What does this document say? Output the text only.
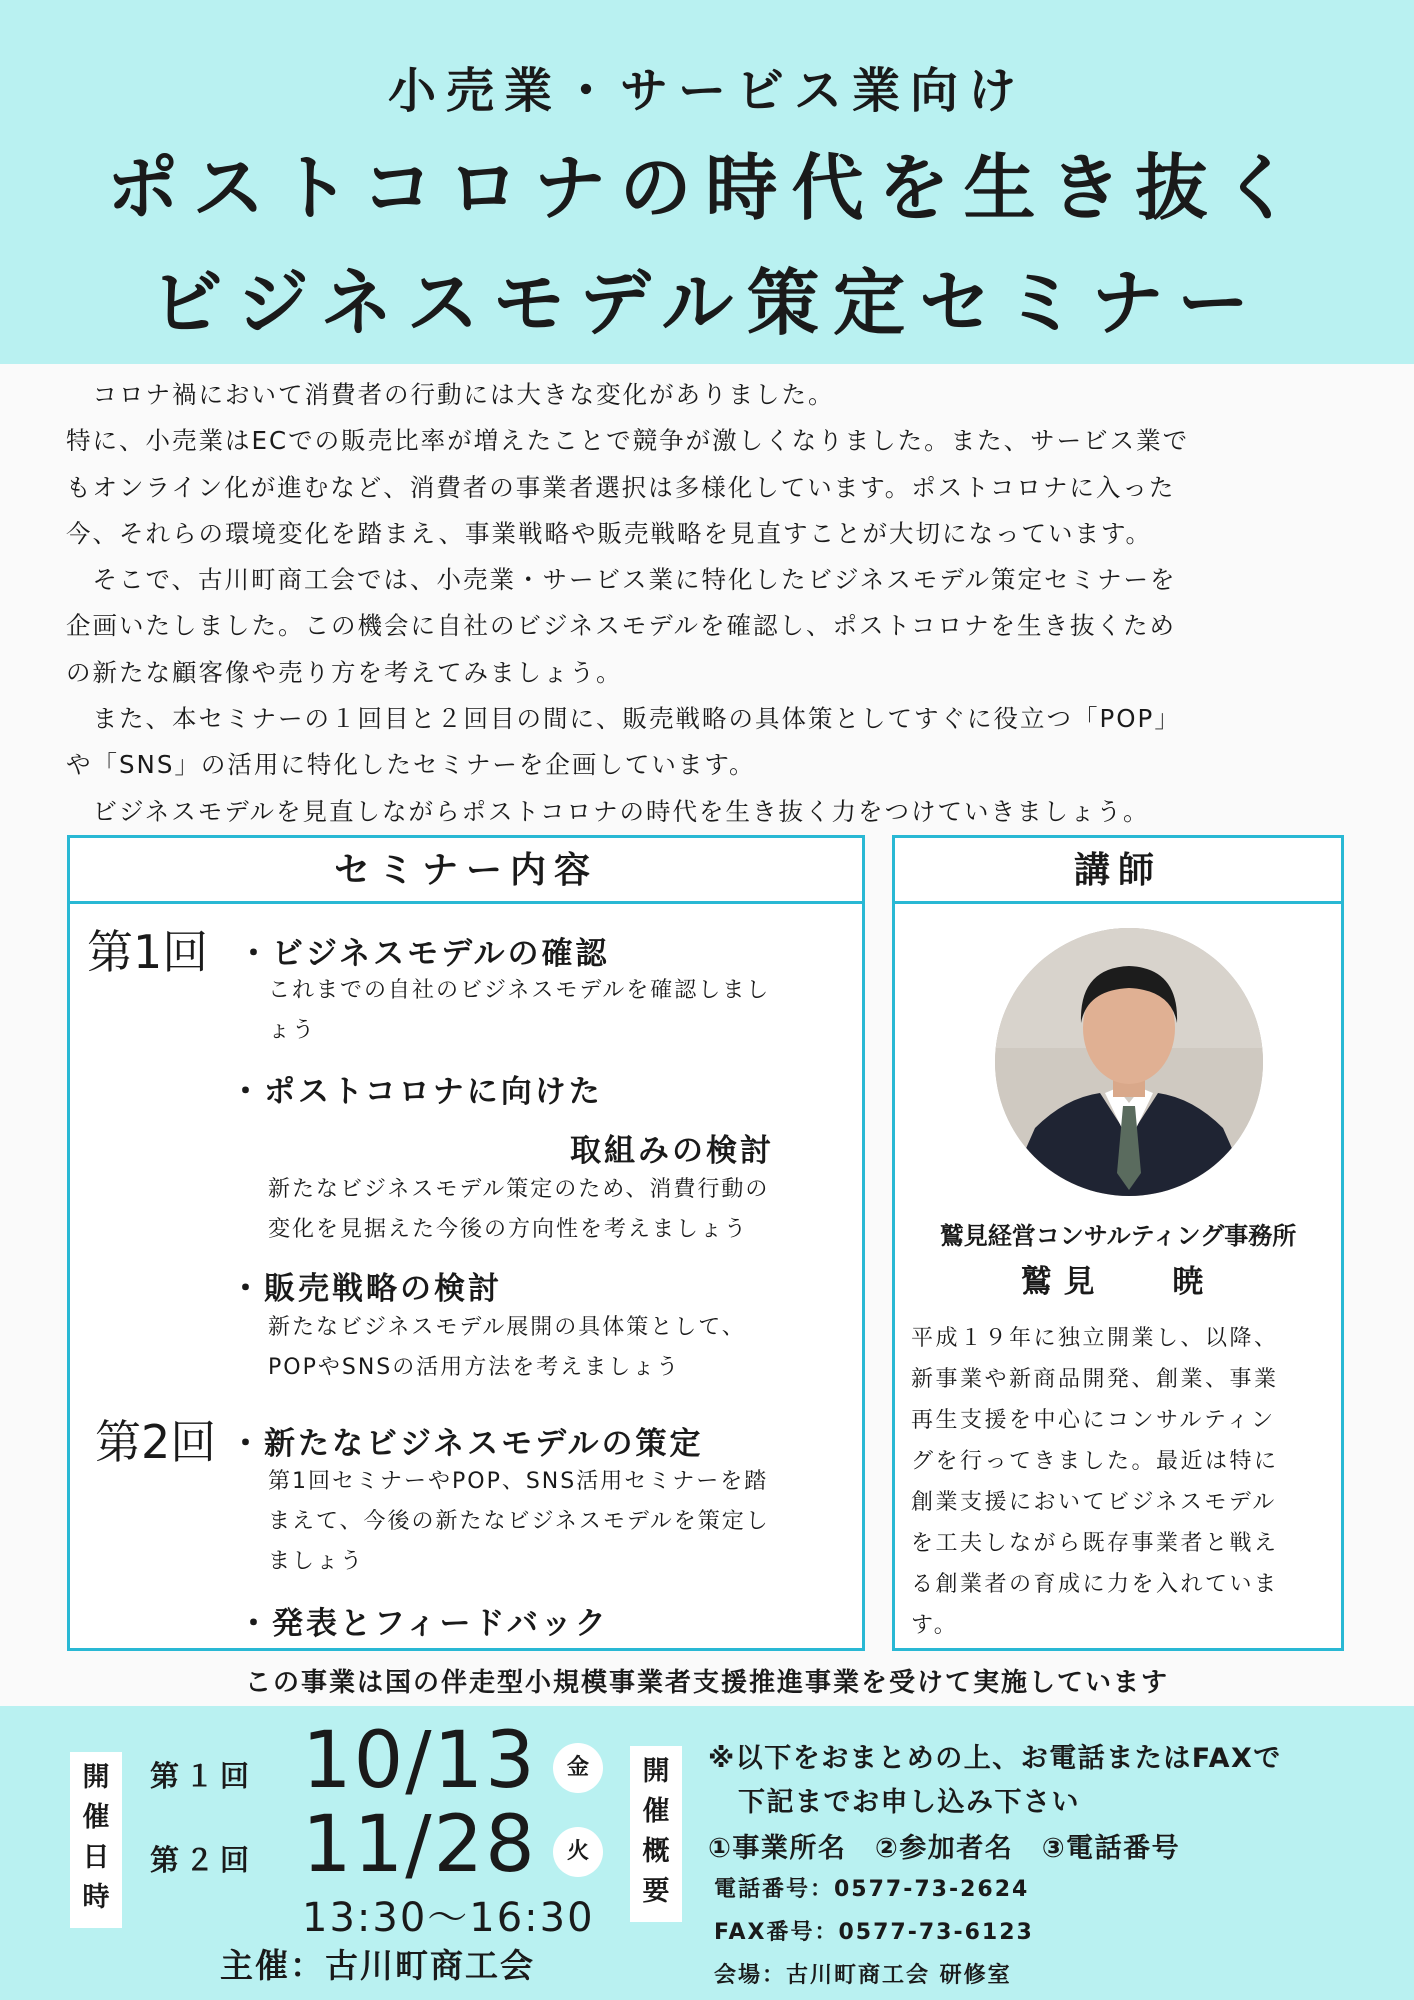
小売業・サービス業向け
ポストコロナの時代を生き抜く
ビジネスモデル策定セミナー

　コロナ禍において消費者の行動には大きな変化がありました。

特に、小売業はECでの販売比率が増えたことで競争が激しくなりました。また、サービス業で

もオンライン化が進むなど、消費者の事業者選択は多様化しています。ポストコロナに入った

今、それらの環境変化を踏まえ、事業戦略や販売戦略を見直すことが大切になっています。

　そこで、古川町商工会では、小売業・サービス業に特化したビジネスモデル策定セミナーを

企画いたしました。この機会に自社のビジネスモデルを確認し、ポストコロナを生き抜くため

の新たな顧客像や売り方を考えてみましょう。

　また、本セミナーの１回目と２回目の間に、販売戦略の具体策としてすぐに役立つ「POP」

や「SNS」の活用に特化したセミナーを企画しています。

　ビジネスモデルを見直しながらポストコロナの時代を生き抜く力をつけていきましょう。

セミナー内容
第1回 ・ビジネスモデルの確認
これまでの自社のビジネスモデルを確認しまし
ょう
・ポストコロナに向けた
取組みの検討
新たなビジネスモデル策定のため、消費行動の
変化を見据えた今後の方向性を考えましょう
・販売戦略の検討
新たなビジネスモデル展開の具体策として、
POPやSNSの活用方法を考えましょう
第2回 ・新たなビジネスモデルの策定
第1回セミナーやPOP、SNS活用セミナーを踏
まえて、今後の新たなビジネスモデルを策定し
ましょう
・発表とフィードバック
講師
鷲見経営コンサルティング事務所
鷲見　 暁
平成１９年に独立開業し、以降、
新事業や新商品開発、創業、事業
再生支援を中心にコンサルティン
グを行ってきました。最近は特に
創業支援においてビジネスモデル
を工夫しながら既存事業者と戦え
る創業者の育成に力を入れていま
す。
この事業は国の伴走型小規模事業者支援推進事業を受けて実施しています
開
催
日
時
第１回 10/13	金
第２回 11/28	火
13:30〜16:30
主催：古川町商工会
開
催
概
要
※以下をおまとめの上、お電話またはFAXで
下記までお申し込み下さい
①事業所名　②参加者名　③電話番号
電話番号：0577-73-2624
FAX番号：0577-73-6123
会場：古川町商工会 研修室
